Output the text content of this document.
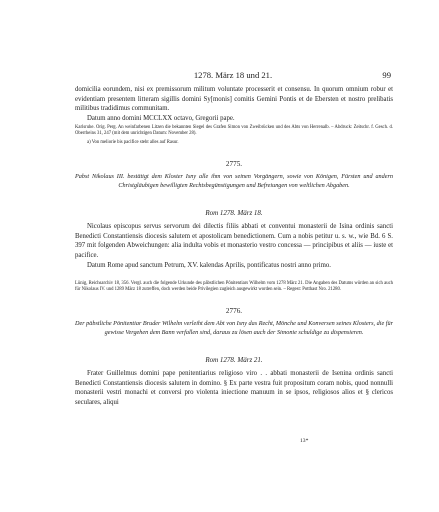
1278. März 18 und 21.	99

domicilia eorundem, nisi ex premissorum militum voluntate processerit et consensu. In quorum omnium robur et evidentiam presentem litteram sigillis domini Sy[monis] comitis Gemini Pontis et de Ebersten et nostro prelibatis militibus tradidimus communitam.

Datum anno domini MCCLXX octavo, Gregorii pape.

Karlsruhe. Orig. Perg. An weinfarbenen Litzen die bekannten Siegel des Grafen Simon von Zweibrücken und des Abts von Herrenalb. – Abdruck: Zeitschr. f. Gesch. d. Oberrheins 31, 247 (mit dem unrichtigen Datum: November 28).

a) Von meliorie bis pacifice steht alles auf Rasur.

2775.

Pabst Nikolaus III. bestätigt dem Kloster Isny alle ihm von seinen Vorgängern, sowie von Königen, Fürsten und andern Christgläubigen bewilligten Rechtsbegünstigungen und Befreiungen von weltlichen Abgaben.

Rom 1278. März 18.

Nicolaus episcopus servus servorum dei dilectis filiis abbati et conventui monasterii de Isina ordinis sancti Benedicti Constantiensis diocesis salutem et apostolicam benedictionem. Cum a nobis petitur u. s. w., wie Bd. 6 S. 397 mit folgenden Abweichungen: alia indulta vobis et monasterio vestro concessa — principibus et aliis — iuste et pacifice.

Datum Rome apud sanctum Petrum, XV. kalendas Aprilis, pontificatus nostri anno primo.

Lünig, Reichsarchiv 18, 356. Vergl. auch die folgende Urkunde des päbstlichen Pönitentiars Wilhelm vom 1278 März 21. Die Angaben des Datums würden an sich auch für Nikolaus IV. und 1289 März 18 zutreffen, doch werden beide Privilegien zugleich ausgewirkt worden sein. – Regest: Potthast Nro. 21280.

2776.

Der päbstliche Pönitentiar Bruder Wilhelm verleiht dem Abt von Isny das Recht, Mönche und Konversen seines Klosters, die für gewisse Vergehen dem Bann verfallen sind, daraus zu lösen auch der Simonie schuldige zu dispensieren.

Rom 1278. März 21.

Frater Guillelmus domini pape penitentiarius religioso viro . . abbati monasterii de Isenina ordinis sancti Benedicti Constantiensis diocesis salutem in domino. § Ex parte vestra fuit propositum coram nobis, quod nonnulli monasterii vestri monachi et conversi pro violenta iniectione manuum in se ipsos, religiosos alios et § clericos seculares, aliqui

13*
